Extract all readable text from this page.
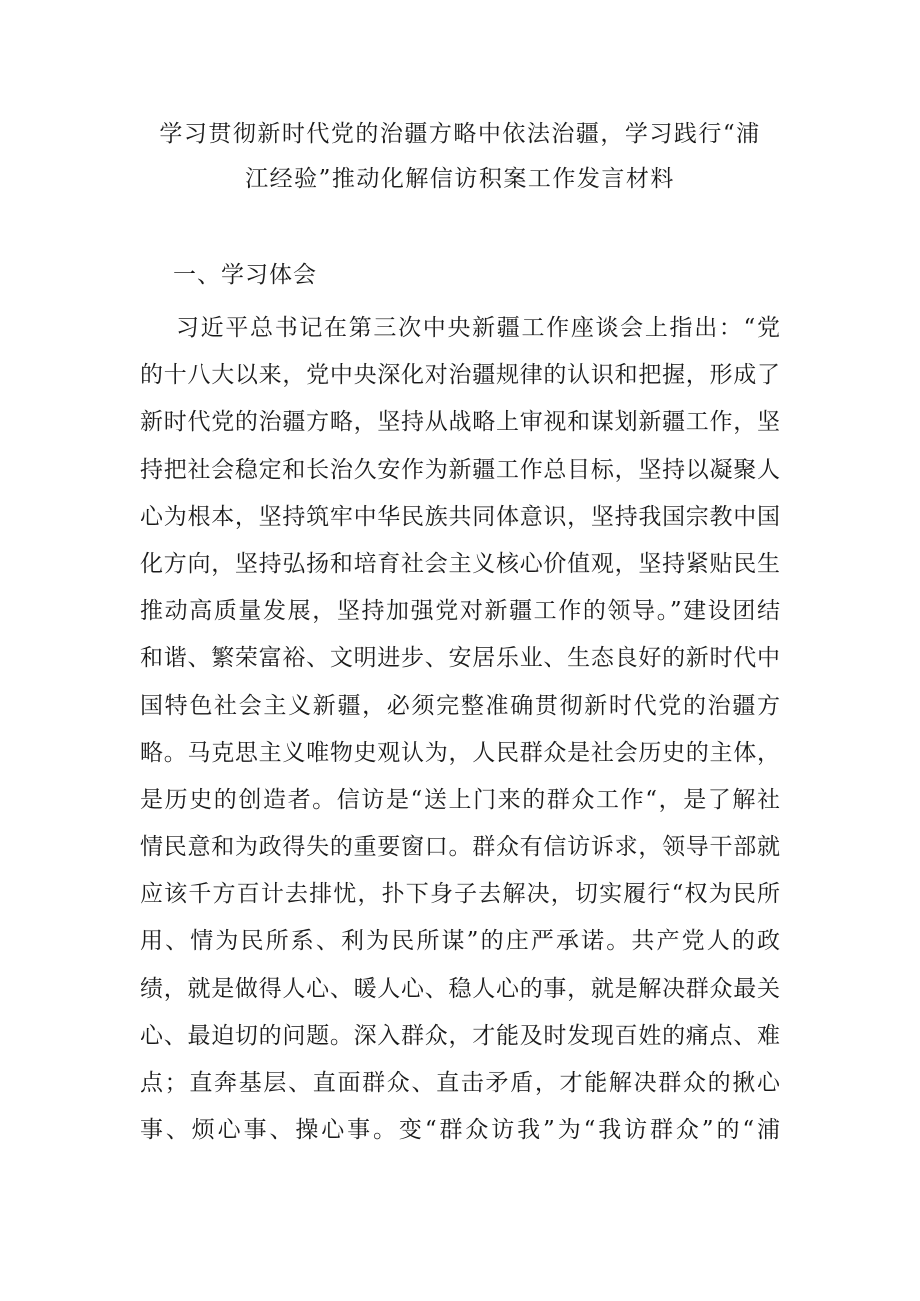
学习贯彻新时代党的治疆方略中依法治疆，学习践行“浦
江经验”推动化解信访积案工作发言材料
一、学习体会
习近平总书记在第三次中央新疆工作座谈会上指出：“党
的十八大以来，党中央深化对治疆规律的认识和把握，形成了
新时代党的治疆方略，坚持从战略上审视和谋划新疆工作，坚
持把社会稳定和长治久安作为新疆工作总目标，坚持以凝聚人
心为根本，坚持筑牢中华民族共同体意识，坚持我国宗教中国
化方向，坚持弘扬和培育社会主义核心价值观，坚持紧贴民生
推动高质量发展，坚持加强党对新疆工作的领导。”建设团结
和谐、繁荣富裕、文明进步、安居乐业、生态良好的新时代中
国特色社会主义新疆，必须完整准确贯彻新时代党的治疆方
略。马克思主义唯物史观认为，人民群众是社会历史的主体，
是历史的创造者。信访是“送上门来的群众工作“，是了解社
情民意和为政得失的重要窗口。群众有信访诉求，领导干部就
应该千方百计去排忧，扑下身子去解决，切实履行“权为民所
用、情为民所系、利为民所谋”的庄严承诺。共产党人的政
绩，就是做得人心、暖人心、稳人心的事，就是解决群众最关
心、最迫切的问题。深入群众，才能及时发现百姓的痛点、难
点；直奔基层、直面群众、直击矛盾，才能解决群众的揪心
事、烦心事、操心事。变“群众访我”为“我访群众”的“浦
